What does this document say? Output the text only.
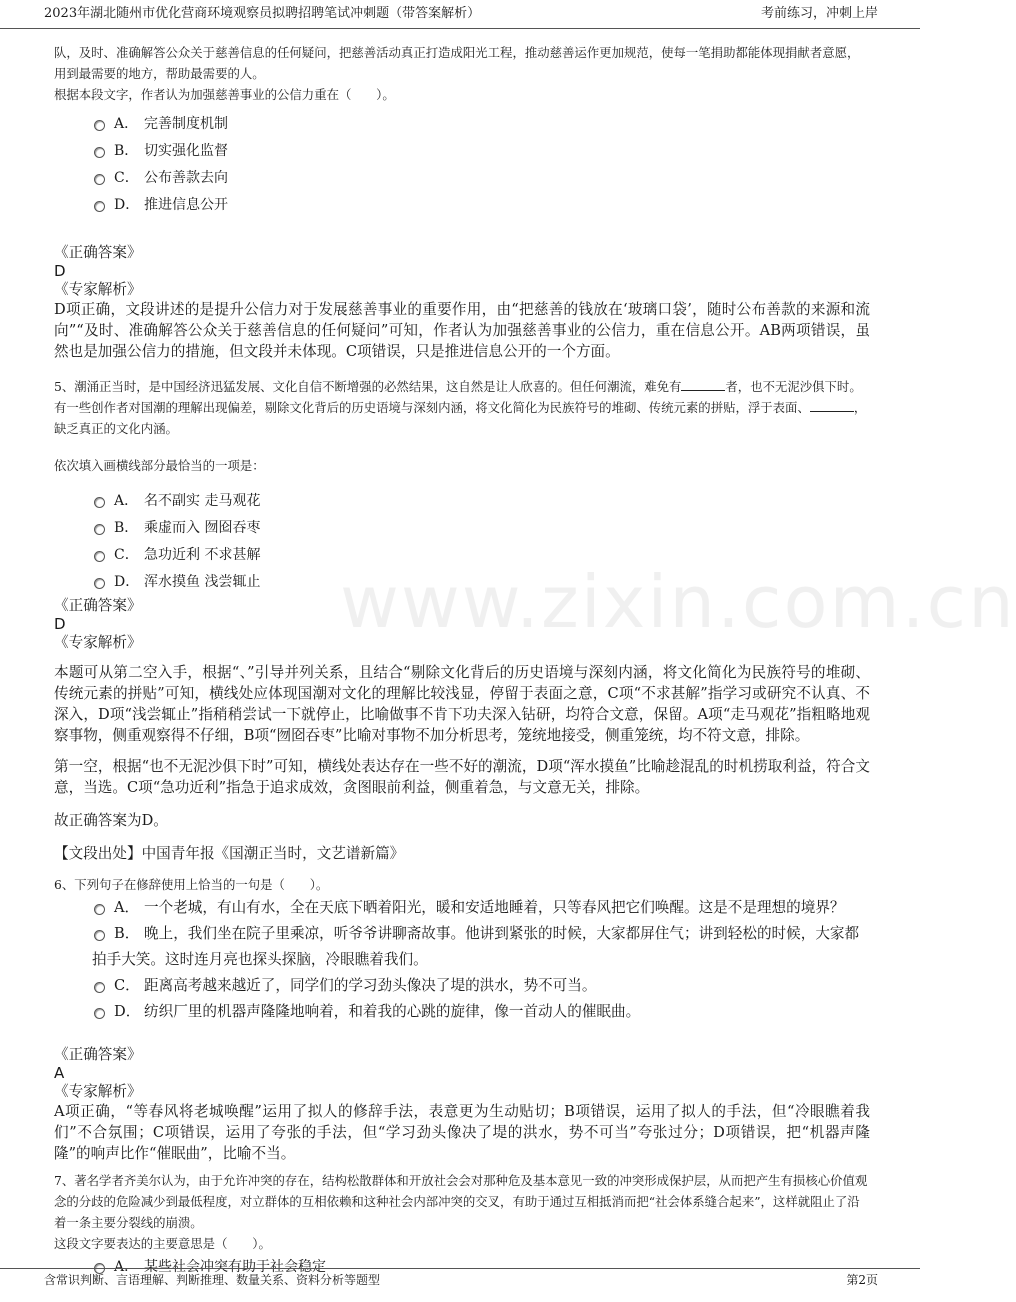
2023年湖北随州市优化营商环境观察员拟聘招聘笔试冲刺题（带答案解析）	考前练习，冲刺上岸
www.zixin.com.cn
队，及时、准确解答公众关于慈善信息的任何疑问，把慈善活动真正打造成阳光工程，推动慈善运作更加规范，使每一笔捐助都能体现捐献者意愿，用到最需要的地方，帮助最需要的人。
根据本段文字，作者认为加强慈善事业的公信力重在（　　）。
A． 完善制度机制
B． 切实强化监督
C． 公布善款去向
D． 推进信息公开
《正确答案》
D
《专家解析》
D项正确，文段讲述的是提升公信力对于发展慈善事业的重要作用，由“把慈善的钱放在‘玻璃口袋’，随时公布善款的来源和流向”“及时、准确解答公众关于慈善信息的任何疑问”可知，作者认为加强慈善事业的公信力，重在信息公开。AB两项错误，虽然也是加强公信力的措施，但文段并未体现。C项错误，只是推进信息公开的一个方面。
5、潮涌正当时，是中国经济迅猛发展、文化自信不断增强的必然结果，这自然是让人欣喜的。但任何潮流，难免有	者，也不无泥沙俱下时。有一些创作者对国潮的理解出现偏差，剔除文化背后的历史语境与深刻内涵，将文化简化为民族符号的堆砌、传统元素的拼贴，浮于表面、	，缺乏真正的文化内涵。
依次填入画横线部分最恰当的一项是：
A． 名不副实 走马观花
B． 乘虚而入 囫囵吞枣
C． 急功近利 不求甚解
D． 浑水摸鱼 浅尝辄止
《正确答案》
D
《专家解析》
本题可从第二空入手，根据“、”引导并列关系，且结合“剔除文化背后的历史语境与深刻内涵，将文化简化为民族符号的堆砌、传统元素的拼贴”可知，横线处应体现国潮对文化的理解比较浅显，停留于表面之意，C项“不求甚解”指学习或研究不认真、不深入，D项“浅尝辄止”指稍稍尝试一下就停止，比喻做事不肯下功夫深入钻研，均符合文意，保留。A项“走马观花”指粗略地观察事物，侧重观察得不仔细，B项“囫囵吞枣”比喻对事物不加分析思考，笼统地接受，侧重笼统，均不符文意，排除。
第一空，根据“也不无泥沙俱下时”可知，横线处表达存在一些不好的潮流，D项“浑水摸鱼”比喻趁混乱的时机捞取利益，符合文意，当选。C项“急功近利”指急于追求成效，贪图眼前利益，侧重着急，与文意无关，排除。
故正确答案为D。
【文段出处】中国青年报《国潮正当时，文艺谱新篇》
6、下列句子在修辞使用上恰当的一句是（　　）。
A． 一个老城，有山有水，全在天底下晒着阳光，暖和安适地睡着，只等春风把它们唤醒。这是不是理想的境界？
B． 晚上，我们坐在院子里乘凉，听爷爷讲聊斋故事。他讲到紧张的时候，大家都屏住气；讲到轻松的时候，大家都拍手大笑。这时连月亮也探头探脑，冷眼瞧着我们。
C． 距离高考越来越近了，同学们的学习劲头像决了堤的洪水，势不可当。
D． 纺织厂里的机器声隆隆地响着，和着我的心跳的旋律，像一首动人的催眠曲。
《正确答案》
A
《专家解析》
A项正确，“等春风将老城唤醒”运用了拟人的修辞手法，表意更为生动贴切；B项错误，运用了拟人的手法，但“冷眼瞧着我们”不合氛围；C项错误，运用了夸张的手法，但“学习劲头像决了堤的洪水，势不可当”夸张过分；D项错误，把“机器声隆隆”的响声比作“催眠曲”，比喻不当。
7、著名学者齐美尔认为，由于允许冲突的存在，结构松散群体和开放社会会对那种危及基本意见一致的冲突形成保护层，从而把产生有损核心价值观念的分歧的危险减少到最低程度，对立群体的互相依赖和这种社会内部冲突的交叉，有助于通过互相抵消而把“社会体系缝合起来”，这样就阻止了沿着一条主要分裂线的崩溃。
这段文字要表达的主要意思是（　　）。
A． 某些社会冲突有助于社会稳定
含常识判断、言语理解、判断推理、数量关系、资料分析等题型	第2页
